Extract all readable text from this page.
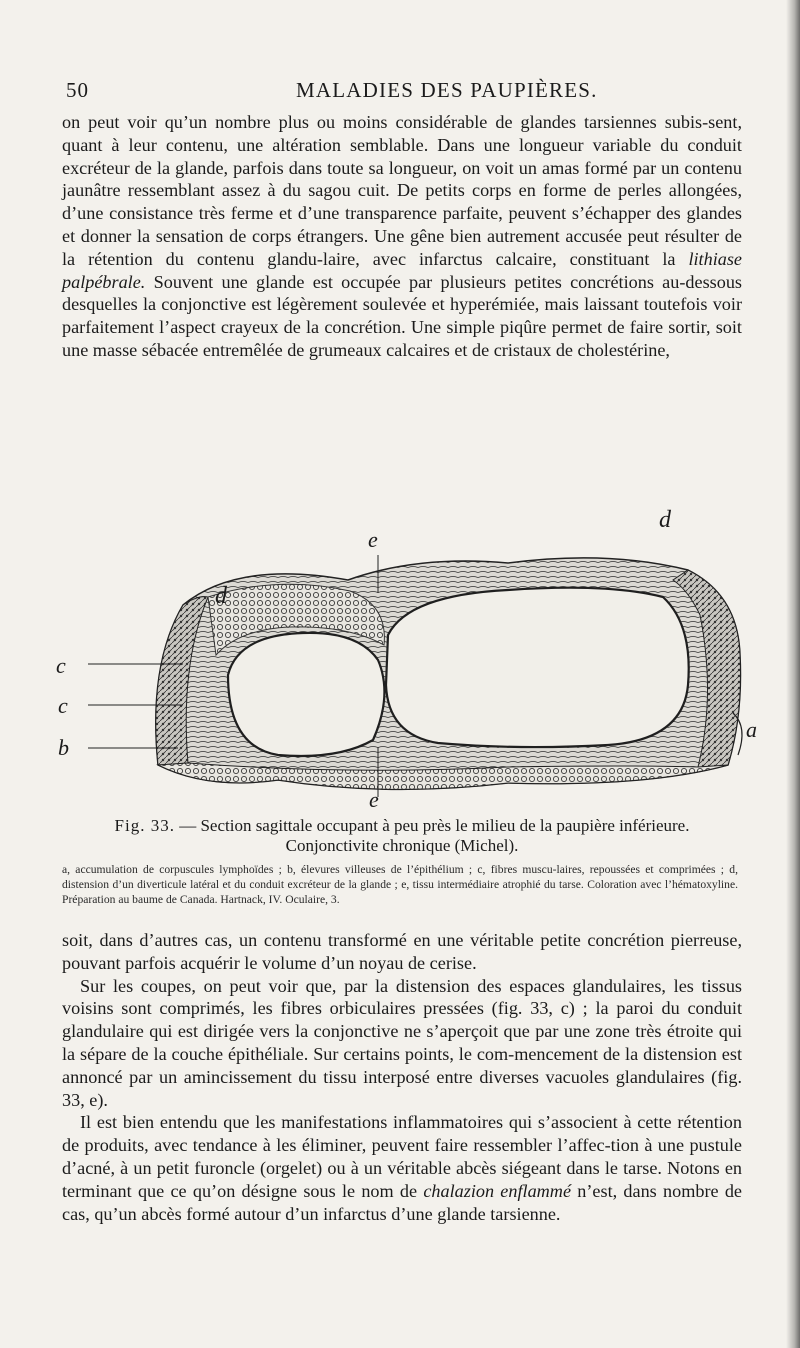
50	MALADIES DES PAUPIÈRES.

on peut voir qu’un nombre plus ou moins considérable de glandes tarsiennes subis-sent, quant à leur contenu, une altération semblable. Dans une longueur variable du conduit excréteur de la glande, parfois dans toute sa longueur, on voit un amas formé par un contenu jaunâtre ressemblant assez à du sagou cuit. De petits corps en forme de perles allongées, d’une consistance très ferme et d’une transparence parfaite, peuvent s’échapper des glandes et donner la sensation de corps étrangers. Une gêne bien autrement accusée peut résulter de la rétention du contenu glandu-laire, avec infarctus calcaire, constituant la lithiase palpébrale. Souvent une glande est occupée par plusieurs petites concrétions au-dessous desquelles la conjonctive est légèrement soulevée et hyperémiée, mais laissant toutefois voir parfaitement l’aspect crayeux de la concrétion. Une simple piqûre permet de faire sortir, soit une masse sébacée entremêlée de grumeaux calcaires et de cristaux de cholestérine,

e
e
d
d
c
c
b
a
Fig. 33. — Section sagittale occupant à peu près le milieu de la paupière inférieure.
Conjonctivite chronique (Michel).
a, accumulation de corpuscules lymphoïdes ; b, élevures villeuses de l’épithélium ; c, fibres muscu-laires, repoussées et comprimées ; d, distension d’un diverticule latéral et du conduit excréteur de la glande ; e, tissu intermédiaire atrophié du tarse. Coloration avec l’hématoxyline. Préparation au baume de Canada. Hartnack, IV. Oculaire, 3.

soit, dans d’autres cas, un contenu transformé en une véritable petite concrétion pierreuse, pouvant parfois acquérir le volume d’un noyau de cerise.

Sur les coupes, on peut voir que, par la distension des espaces glandulaires, les tissus voisins sont comprimés, les fibres orbiculaires pressées (fig. 33, c) ; la paroi du conduit glandulaire qui est dirigée vers la conjonctive ne s’aperçoit que par une zone très étroite qui la sépare de la couche épithéliale. Sur certains points, le com-mencement de la distension est annoncé par un amincissement du tissu interposé entre diverses vacuoles glandulaires (fig. 33, e).

Il est bien entendu que les manifestations inflammatoires qui s’associent à cette rétention de produits, avec tendance à les éliminer, peuvent faire ressembler l’affec-tion à une pustule d’acné, à un petit furoncle (orgelet) ou à un véritable abcès siégeant dans le tarse. Notons en terminant que ce qu’on désigne sous le nom de chalazion enflammé n’est, dans nombre de cas, qu’un abcès formé autour d’un infarctus d’une glande tarsienne.
